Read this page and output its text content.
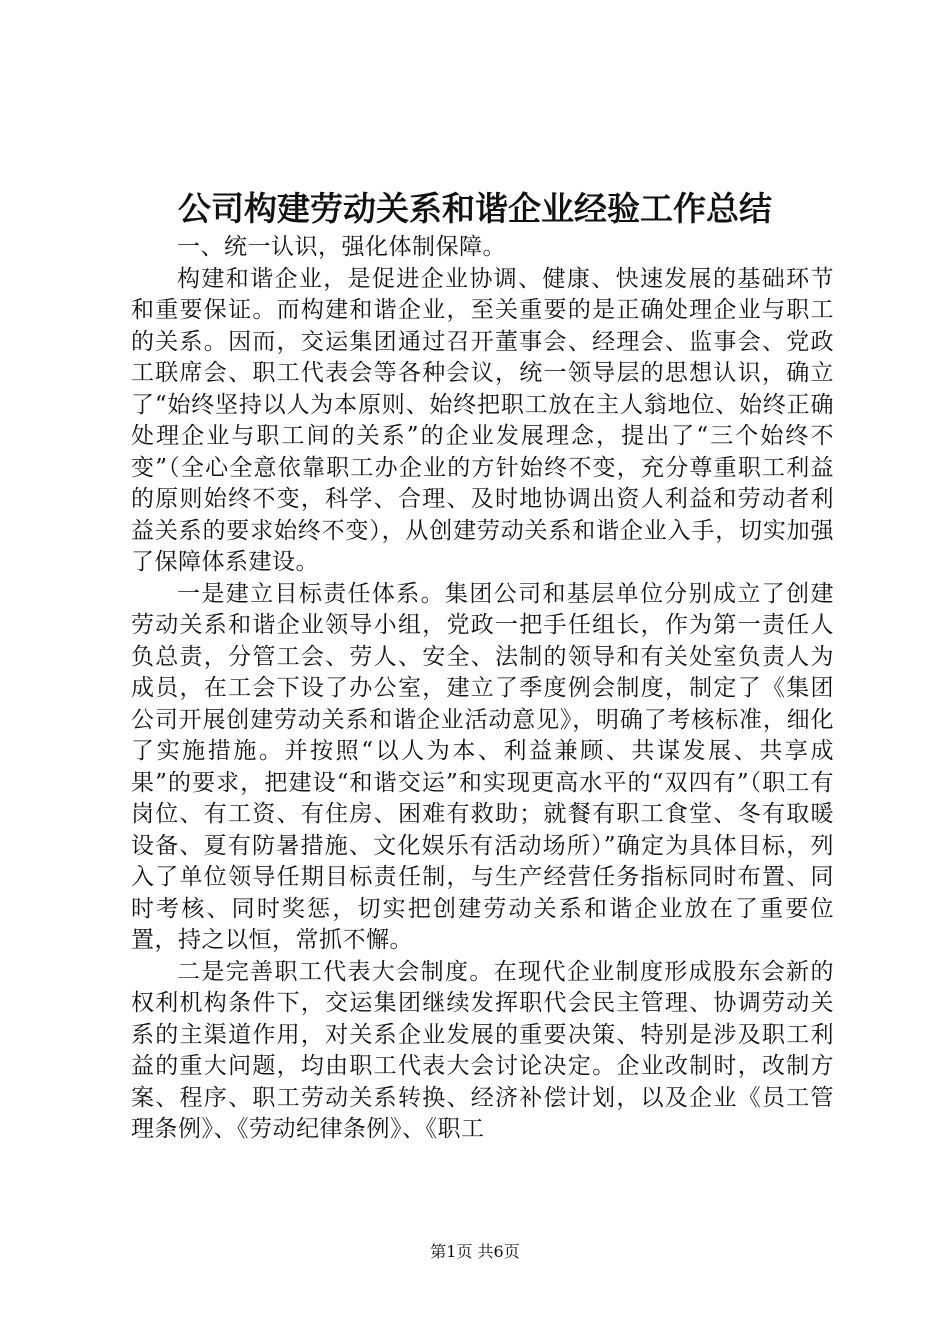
公司构建劳动关系和谐企业经验工作总结

一、统一认识，强化体制保障。

构建和谐企业，是促进企业协调、健康、快速发展的基础环节和重要保证。而构建和谐企业，至关重要的是正确处理企业与职工的关系。因而，交运集团通过召开董事会、经理会、监事会、党政工联席会、职工代表会等各种会议，统一领导层的思想认识，确立了“始终坚持以人为本原则、始终把职工放在主人翁地位、始终正确处理企业与职工间的关系”的企业发展理念，提出了“三个始终不变”（全心全意依靠职工办企业的方针始终不变，充分尊重职工利益的原则始终不变，科学、合理、及时地协调出资人利益和劳动者利益关系的要求始终不变），从创建劳动关系和谐企业入手，切实加强了保障体系建设。

一是建立目标责任体系。集团公司和基层单位分别成立了创建劳动关系和谐企业领导小组，党政一把手任组长，作为第一责任人负总责，分管工会、劳人、安全、法制的领导和有关处室负责人为成员，在工会下设了办公室，建立了季度例会制度，制定了《集团公司开展创建劳动关系和谐企业活动意见》，明确了考核标准，细化了实施措施。并按照“以人为本、利益兼顾、共谋发展、共享成果”的要求，把建设“和谐交运”和实现更高水平的“双四有”（职工有岗位、有工资、有住房、困难有救助；就餐有职工食堂、冬有取暖设备、夏有防暑措施、文化娱乐有活动场所）”确定为具体目标，列入了单位领导任期目标责任制，与生产经营任务指标同时布置、同时考核、同时奖惩，切实把创建劳动关系和谐企业放在了重要位置，持之以恒，常抓不懈。

二是完善职工代表大会制度。在现代企业制度形成股东会新的权利机构条件下，交运集团继续发挥职代会民主管理、协调劳动关系的主渠道作用，对关系企业发展的重要决策、特别是涉及职工利益的重大问题，均由职工代表大会讨论决定。企业改制时，改制方案、程序、职工劳动关系转换、经济补偿计划，以及企业《员工管理条例》、《劳动纪律条例》、《职工

第1页 共6页
